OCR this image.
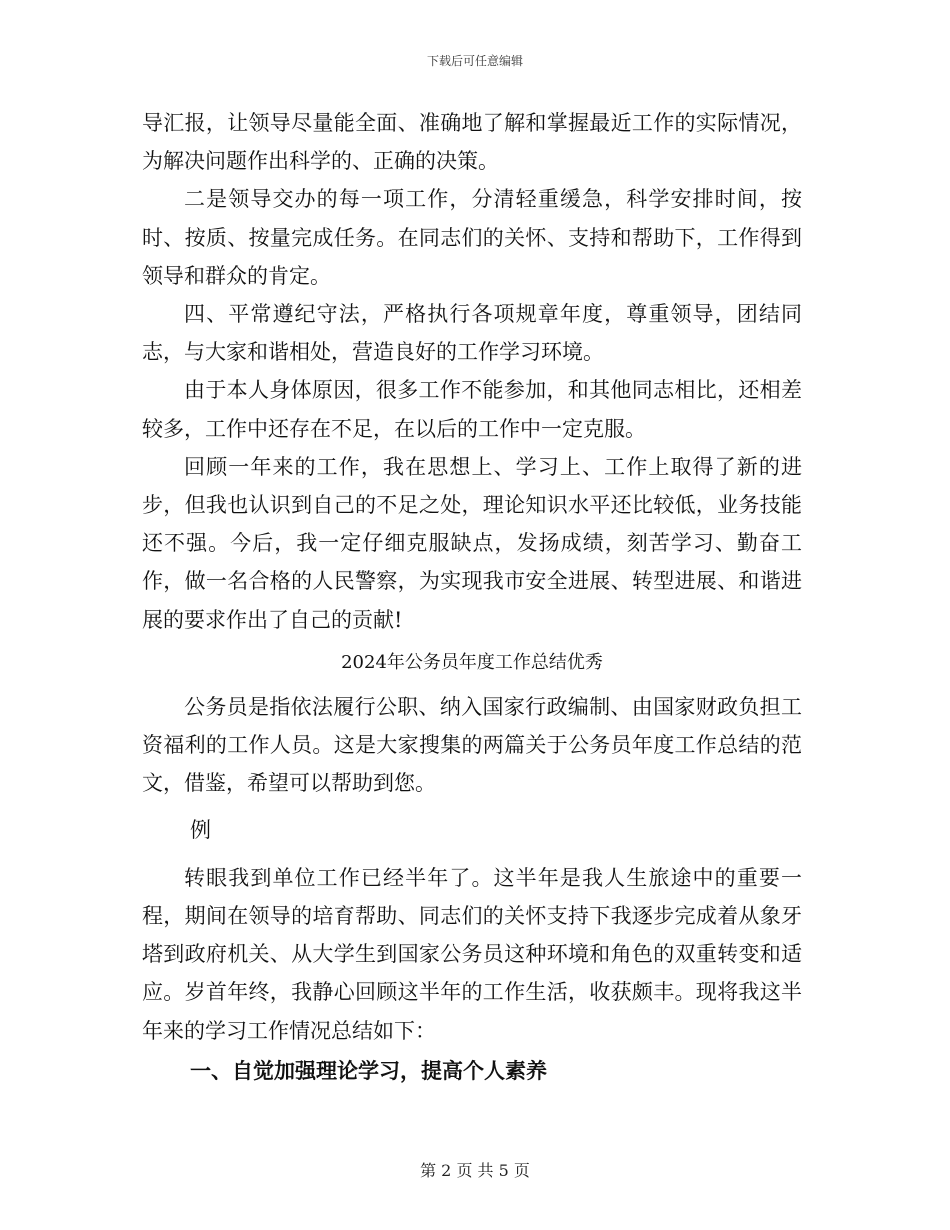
下载后可任意编辑

导汇报，让领导尽量能全面、准确地了解和掌握最近工作的实际情况，为解决问题作出科学的、正确的决策。

二是领导交办的每一项工作，分清轻重缓急，科学安排时间，按时、按质、按量完成任务。在同志们的关怀、支持和帮助下，工作得到领导和群众的肯定。

四、平常遵纪守法，严格执行各项规章年度，尊重领导，团结同志，与大家和谐相处，营造良好的工作学习环境。

由于本人身体原因，很多工作不能参加，和其他同志相比，还相差较多，工作中还存在不足，在以后的工作中一定克服。

回顾一年来的工作，我在思想上、学习上、工作上取得了新的进步，但我也认识到自己的不足之处，理论知识水平还比较低，业务技能还不强。今后，我一定仔细克服缺点，发扬成绩，刻苦学习、勤奋工作，做一名合格的人民警察，为实现我市安全进展、转型进展、和谐进展的要求作出了自己的贡献!

2024年公务员年度工作总结优秀

公务员是指依法履行公职、纳入国家行政编制、由国家财政负担工资福利的工作人员。这是大家搜集的两篇关于公务员年度工作总结的范文，借鉴，希望可以帮助到您。

例

转眼我到单位工作已经半年了。这半年是我人生旅途中的重要一程，期间在领导的培育帮助、同志们的关怀支持下我逐步完成着从象牙塔到政府机关、从大学生到国家公务员这种环境和角色的双重转变和适应。岁首年终，我静心回顾这半年的工作生活，收获颇丰。现将我这半年来的学习工作情况总结如下：

一、自觉加强理论学习，提高个人素养

第 2 页 共 5 页
